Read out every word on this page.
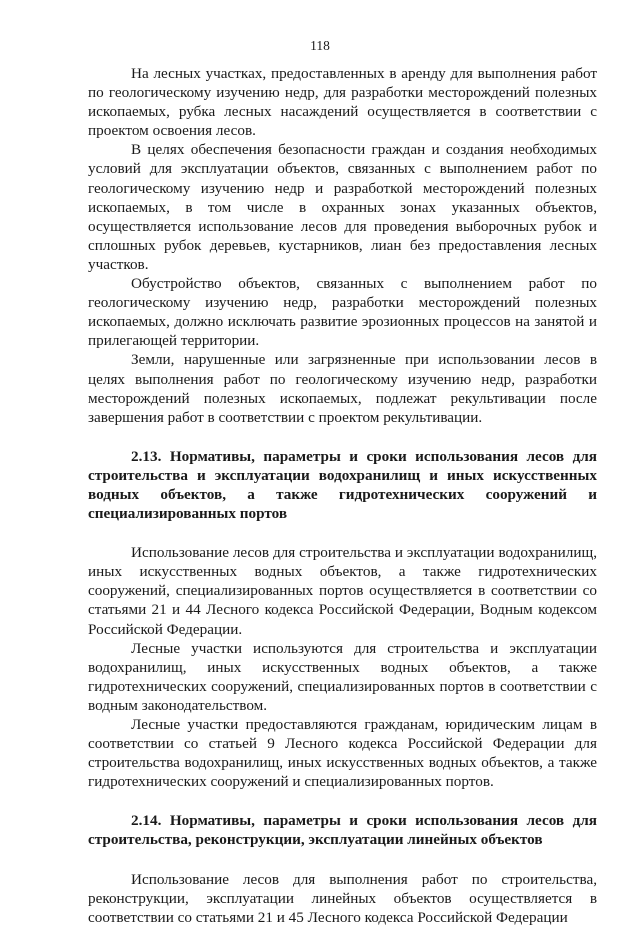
118

На лесных участках, предоставленных в аренду для выполнения работ по геологическому изучению недр, для разработки месторождений полезных ископаемых, рубка лесных насаждений осуществляется в соответствии с проектом освоения лесов.

В целях обеспечения безопасности граждан и создания необходимых условий для эксплуатации объектов, связанных с выполнением работ по геологическому изучению недр и разработкой месторождений полезных ископаемых, в том числе в охранных зонах указанных объектов, осуществляется использование лесов для проведения выборочных рубок и сплошных рубок деревьев, кустарников, лиан без предоставления лесных участков.

Обустройство объектов, связанных с выполнением работ по геологическому изучению недр, разработки месторождений полезных ископаемых, должно исключать развитие эрозионных процессов на занятой и прилегающей территории.

Земли, нарушенные или загрязненные при использовании лесов в целях выполнения работ по геологическому изучению недр, разработки месторождений полезных ископаемых, подлежат рекультивации после завершения работ в соответствии с проектом рекультивации.

2.13. Нормативы, параметры и сроки использования лесов для строительства и эксплуатации водохранилищ и иных искусственных водных объектов, а также гидротехнических сооружений и специализированных портов

Использование лесов для строительства и эксплуатации водохранилищ, иных искусственных водных объектов, а также гидротехнических сооружений, специализированных портов осуществляется в соответствии со статьями 21 и 44 Лесного кодекса Российской Федерации, Водным кодексом Российской Федерации.

Лесные участки используются для строительства и эксплуатации водохранилищ, иных искусственных водных объектов, а также гидротехнических сооружений, специализированных портов в соответствии с водным законодательством.

Лесные участки предоставляются гражданам, юридическим лицам в соответствии со статьей 9 Лесного кодекса Российской Федерации для строительства водохранилищ, иных искусственных водных объектов, а также гидротехнических сооружений и специализированных портов.

2.14. Нормативы, параметры и сроки использования лесов для строительства, реконструкции, эксплуатации линейных объектов

Использование лесов для выполнения работ по строительства, реконструкции, эксплуатации линейных объектов осуществляется в соответствии со статьями 21 и 45 Лесного кодекса Российской Федерации
